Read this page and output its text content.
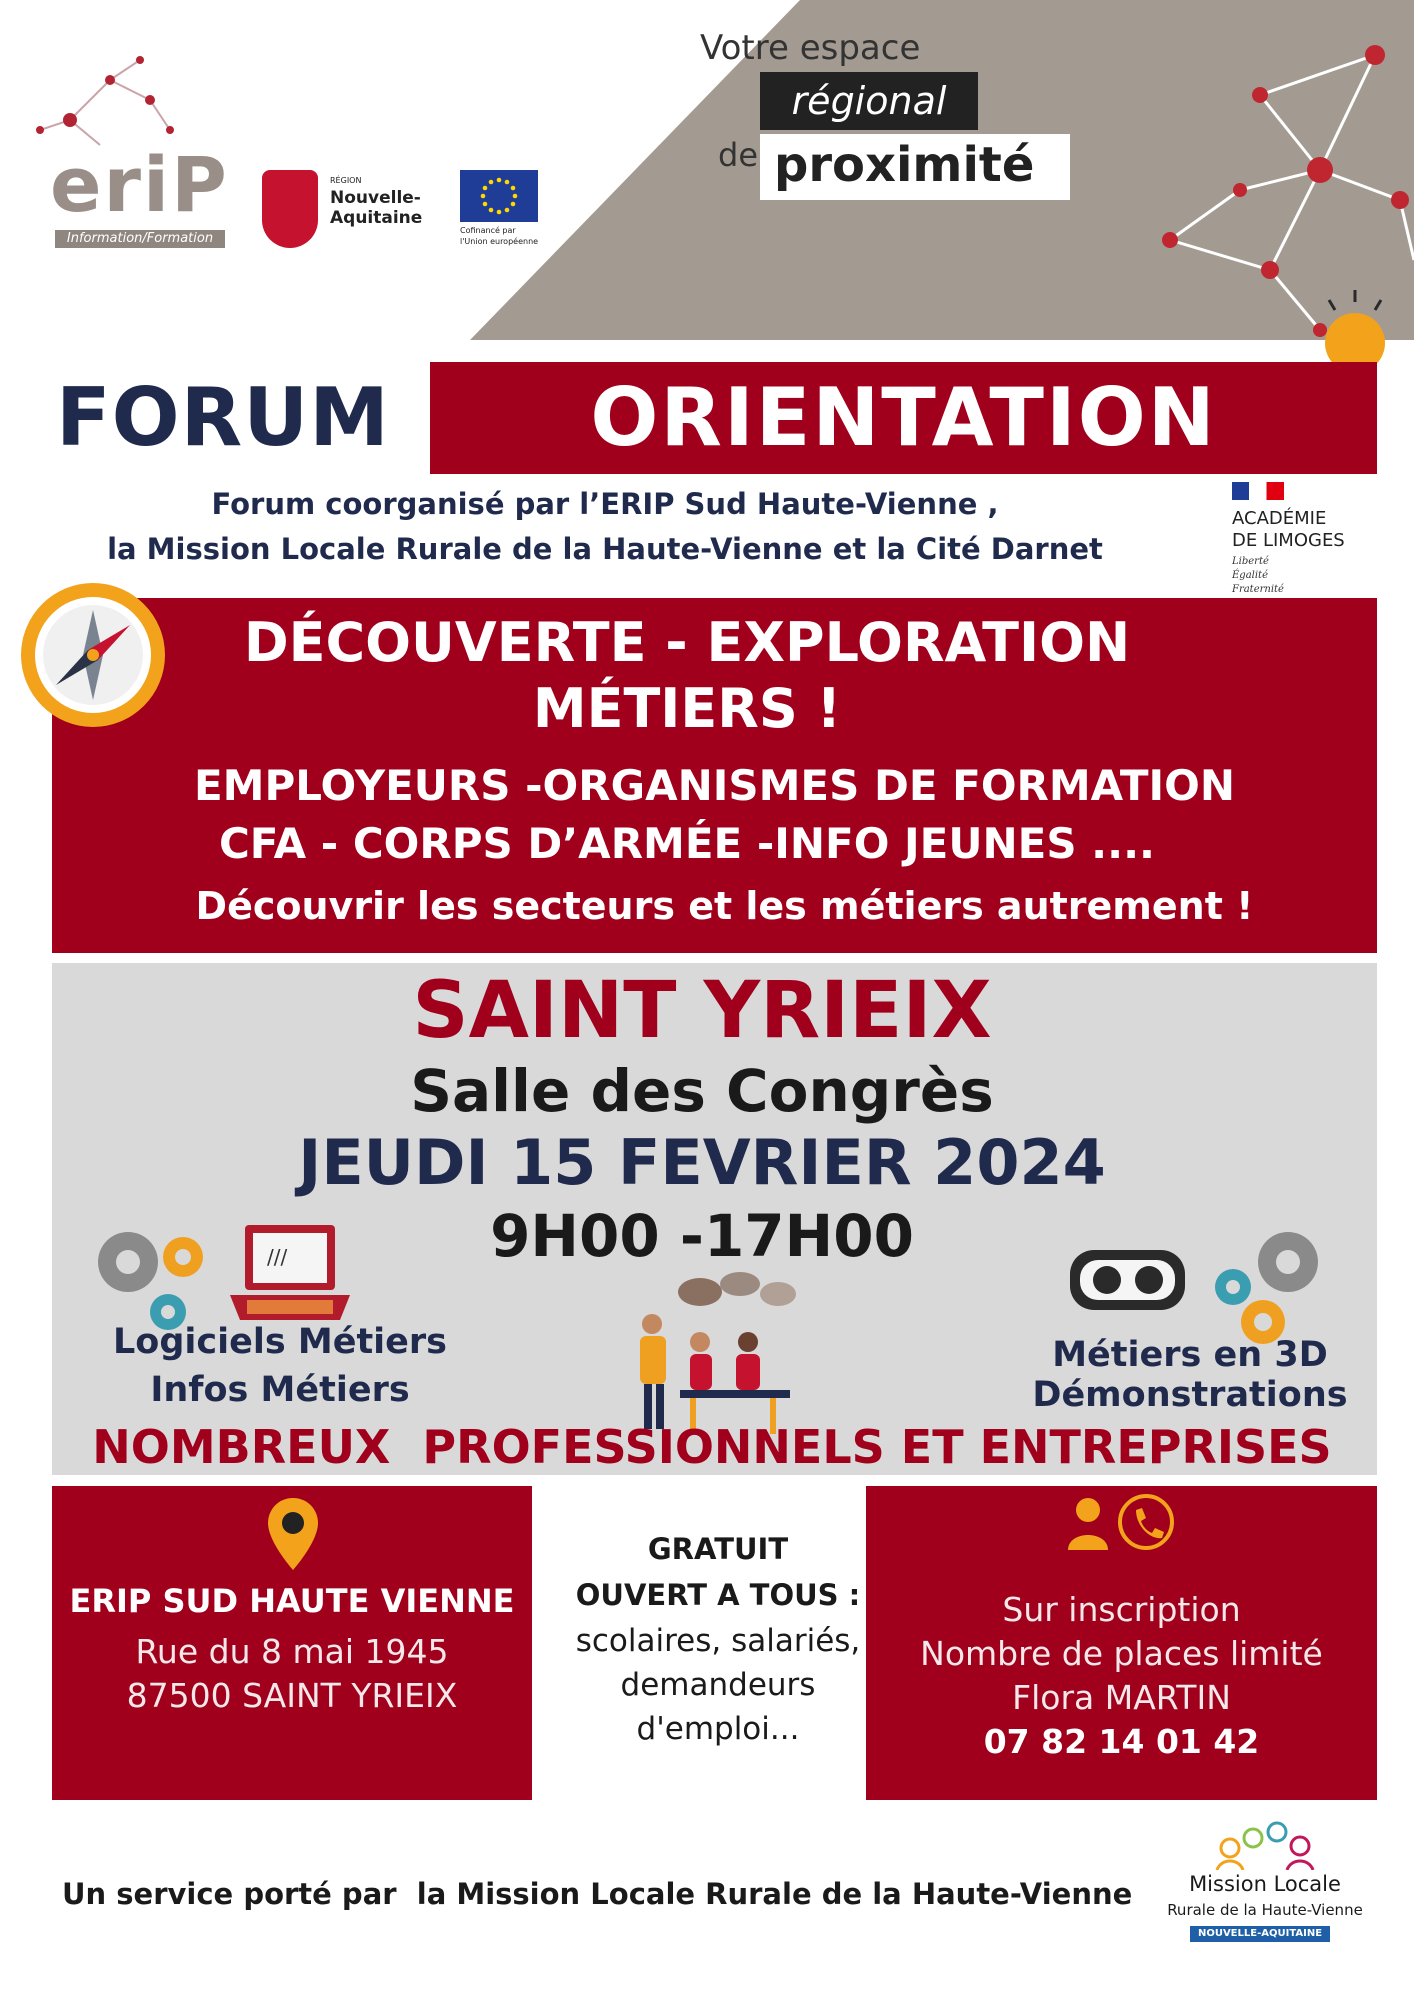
eriP
Information/Formation
RÉGION
Nouvelle-
Aquitaine
Cofinancé par
l'Union européenne
Votre espace
régional
de proximité
FORUM	ORIENTATION
Forum coorganisé par l’ERIP Sud Haute-Vienne ,
la Mission Locale Rurale de la Haute-Vienne et la Cité Darnet
ACADÉMIE
DE LIMOGES
Liberté
Égalité
Fraternité
DÉCOUVERTE - EXPLORATION
MÉTIERS !
EMPLOYEURS -ORGANISMES DE FORMATION
CFA - CORPS D’ARMÉE -INFO JEUNES ....
Découvrir les secteurs et les métiers autrement !
SAINT YRIEIX
Salle des Congrès
JEUDI 15 FEVRIER 2024
9H00 -17H00
///
Logiciels Métiers
Infos Métiers
Métiers en 3D
Démonstrations
NOMBREUX  PROFESSIONNELS ET ENTREPRISES
ERIP SUD HAUTE VIENNE
Rue du 8 mai 1945
87500 SAINT YRIEIX
GRATUIT
OUVERT A TOUS :
scolaires, salariés,
demandeurs
d'emploi...
Sur inscription
Nombre de places limité
Flora MARTIN
07 82 14 01 42
Un service porté par  la Mission Locale Rurale de la Haute-Vienne	Mission Locale
Rurale de la Haute-Vienne
NOUVELLE-AQUITAINE
